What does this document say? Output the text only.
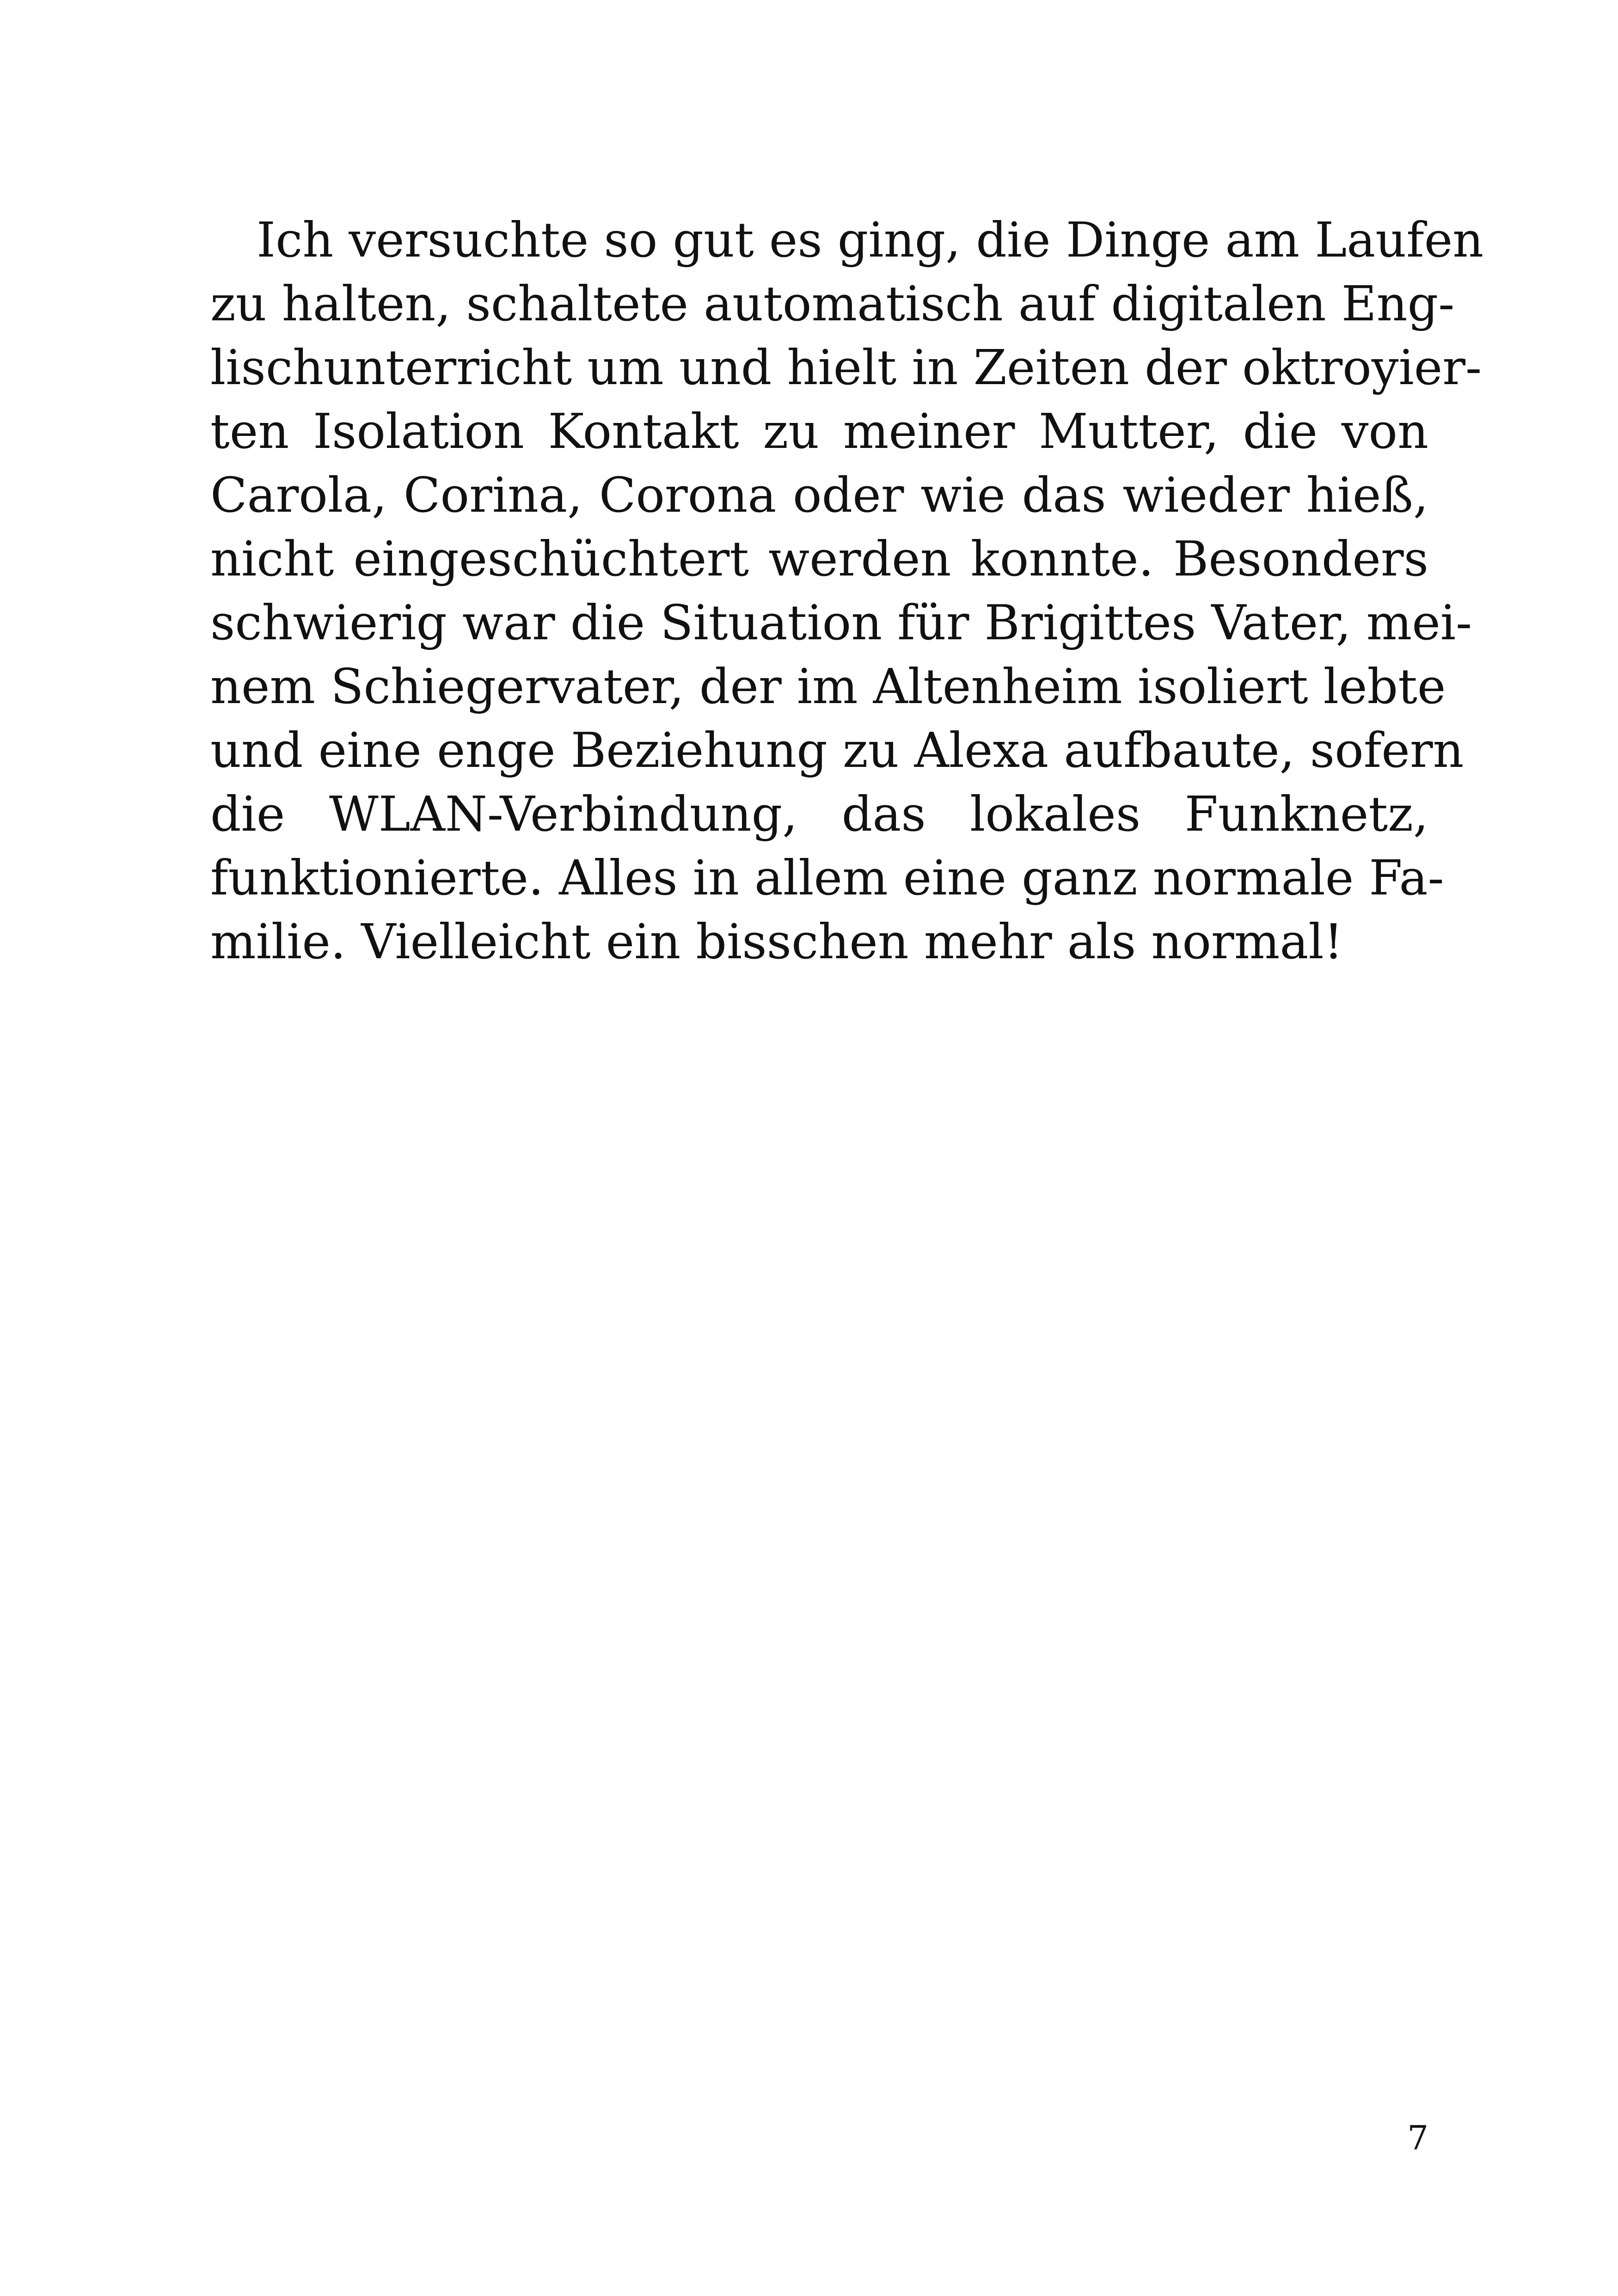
Ich versuchte so gut es ging, die Dinge am Laufen
zu halten, schaltete automatisch auf digitalen Eng-
lischunterricht um und hielt in Zeiten der oktroyier-
ten Isolation Kontakt zu meiner Mutter, die von
Carola, Corina, Corona oder wie das wieder hieß,
nicht eingeschüchtert werden konnte. Besonders
schwierig war die Situation für Brigittes Vater, mei-
nem Schiegervater, der im Altenheim isoliert lebte
und eine enge Beziehung zu Alexa aufbaute, sofern
die WLAN-Verbindung, das lokales Funknetz,
funktionierte. Alles in allem eine ganz normale Fa-
milie. Vielleicht ein bisschen mehr als normal!
7
